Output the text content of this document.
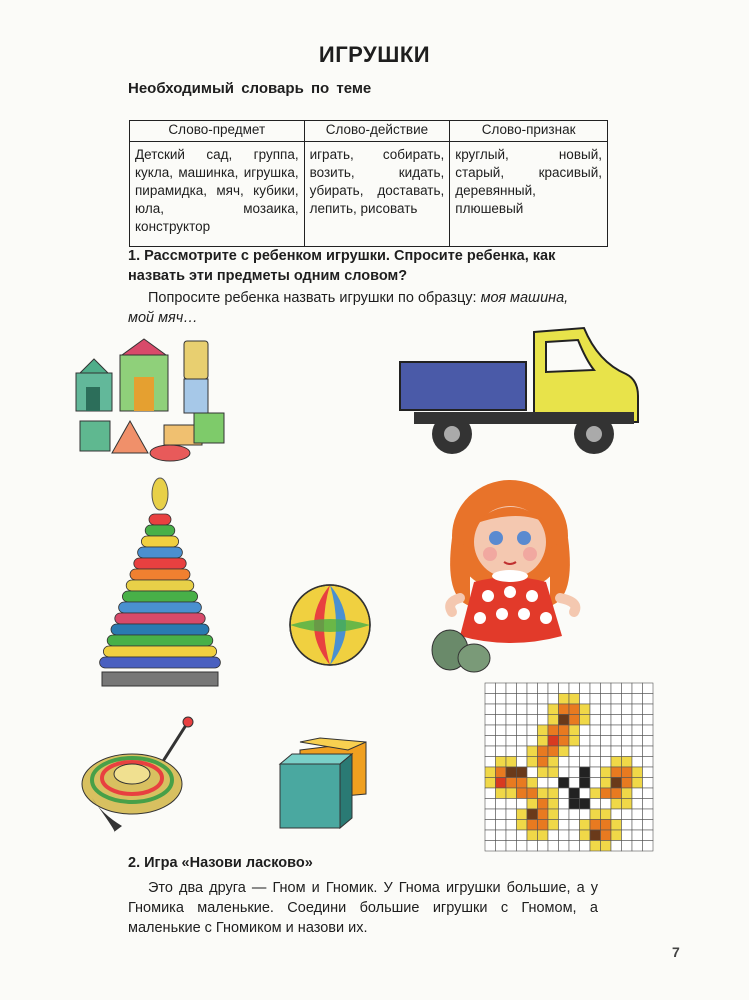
ИГРУШКИ
Необходимый словарь по теме
Слово-предмет	Слово-действие	Слово-признак
Детский сад, группа, кукла, машинка, игрушка, пирамидка, мяч, кубики, юла, мозаика, конструктор	играть, собирать, возить, кидать, убирать, доставать, лепить, рисовать	круглый, новый, старый, красивый, деревянный, плюшевый
1. Рассмотрите с ребенком игрушки. Спросите ребенка, как назвать эти предметы одним словом?
Попросите ребенка назвать игрушки по образцу: моя машина, мой мяч…
2. Игра «Назови ласково»
Это два друга — Гном и Гномик. У Гнома игрушки большие, а у Гномика маленькие. Соедини большие игрушки с Гномом, а маленькие с Гномиком и назови их.
7
